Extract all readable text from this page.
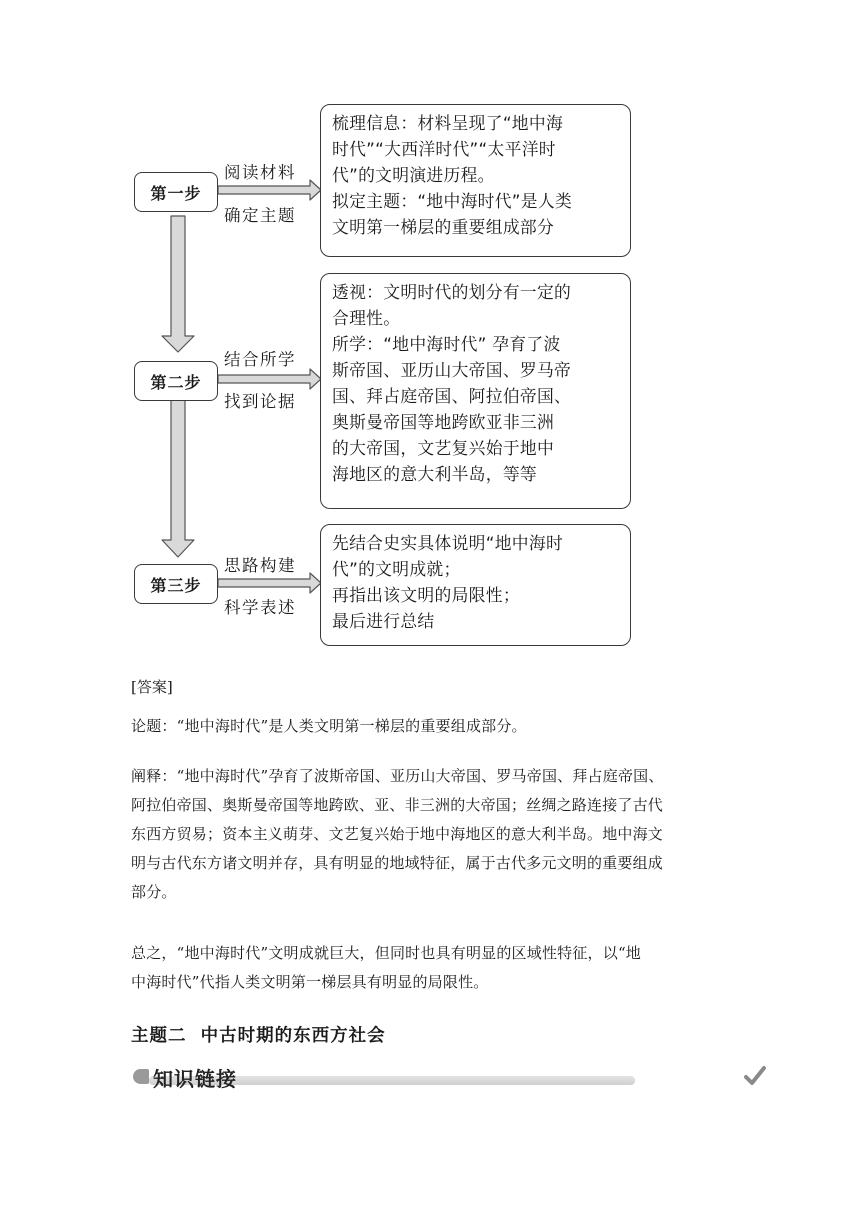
第一步
阅读材料
确定主题
梳理信息：材料呈现了“地中海
时代”“大西洋时代”“太平洋时
代”的文明演进历程。
拟定主题：“地中海时代”是人类
文明第一梯层的重要组成部分
第二步
结合所学
找到论据
透视：文明时代的划分有一定的
合理性。
所学：“地中海时代” 孕育了波
斯帝国、亚历山大帝国、罗马帝
国、拜占庭帝国、阿拉伯帝国、
奥斯曼帝国等地跨欧亚非三洲
的大帝国，文艺复兴始于地中
海地区的意大利半岛，等等
第三步
思路构建
科学表述
先结合史实具体说明“地中海时
代”的文明成就；
再指出该文明的局限性；
最后进行总结
[答案]
论题：“地中海时代”是人类文明第一梯层的重要组成部分。
阐释：“地中海时代”孕育了波斯帝国、亚历山大帝国、罗马帝国、拜占庭帝国、
阿拉伯帝国、奥斯曼帝国等地跨欧、亚、非三洲的大帝国；丝绸之路连接了古代
东西方贸易；资本主义萌芽、文艺复兴始于地中海地区的意大利半岛。地中海文
明与古代东方诸文明并存，具有明显的地域特征，属于古代多元文明的重要组成
部分。
总之，“地中海时代”文明成就巨大，但同时也具有明显的区域性特征，以“地
中海时代”代指人类文明第一梯层具有明显的局限性。
主题二  中古时期的东西方社会
知识链接
